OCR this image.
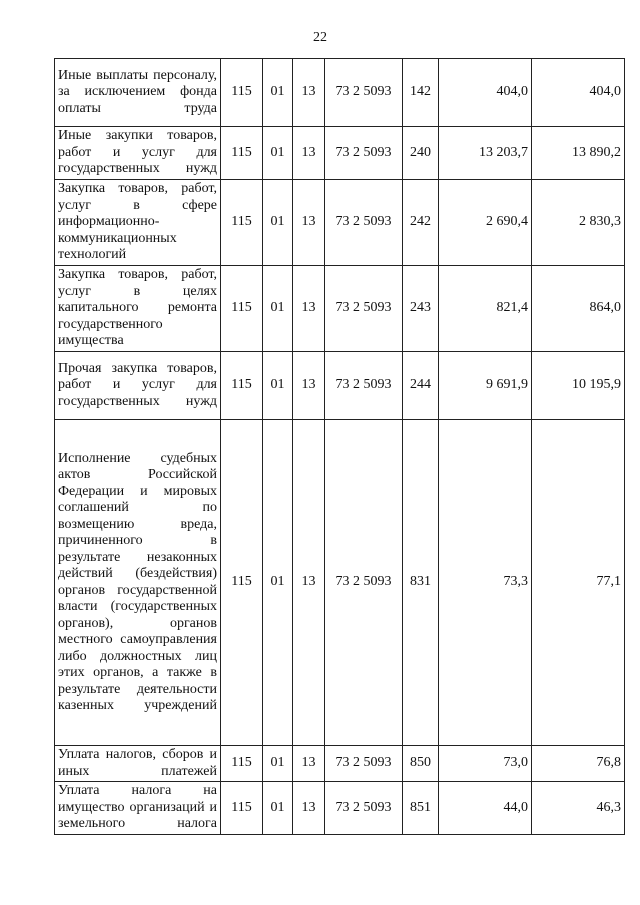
22
Иные выплаты персоналу, за исключением фонда оплаты труда	115	01	13	73 2 5093	142	404,0	404,0
Иные закупки товаров, работ и услуг для государственных нужд	115	01	13	73 2 5093	240	13 203,7	13 890,2
Закупка товаров, работ, услуг в сфере информационно-коммуникационных технологий	115	01	13	73 2 5093	242	2 690,4	2 830,3
Закупка товаров, работ, услуг в целях капитального ремонта государственного имущества	115	01	13	73 2 5093	243	821,4	864,0
Прочая закупка товаров, работ и услуг для государственных нужд	115	01	13	73 2 5093	244	9 691,9	10 195,9
Исполнение судебных актов Российской Федерации и мировых соглашений по возмещению вреда, причиненного в результате незаконных действий (бездействия) органов государственной власти (государственных органов), органов местного самоуправления либо должностных лиц этих органов, а также в результате деятельности казенных учреждений	115	01	13	73 2 5093	831	73,3	77,1
Уплата налогов, сборов и иных платежей	115	01	13	73 2 5093	850	73,0	76,8
Уплата налога на имущество организаций и земельного налога	115	01	13	73 2 5093	851	44,0	46,3
